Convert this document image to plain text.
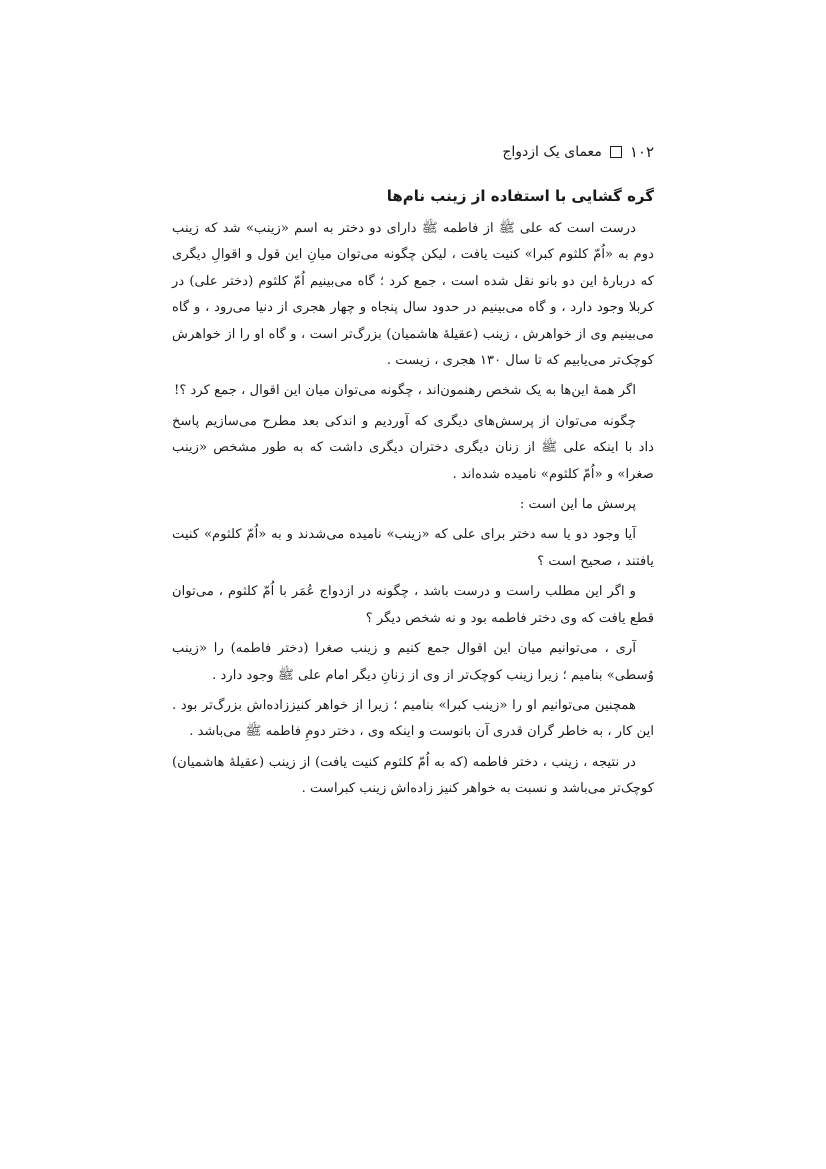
۱۰۲
معمای یک ازدواج
گره گشایی با استفاده از زینب نام‌ها

درست است که علی ﷺ از فاطمه ﷺ دارای دو دختر به اسم «زینب» شد که زینب دوم به «اُمّ کلثوم کبرا» کنیت یافت ، لیکن چگونه می‌توان میانِ این قول و اقوالِ دیگری که دربارهٔ این دو بانو نقل شده است ، جمع کرد ؛ گاه می‌بینیم اُمّ کلثوم (دختر علی) در کربلا وجود دارد ، و گاه می‌بینیم در حدود سال پنجاه و چهار هجری از دنیا می‌رود ، و گاه می‌بینیم وی از خواهرش ، زینب (عقیلهٔ هاشمیان) بزرگ‌تر است ، و گاه او را از خواهرش کوچک‌تر می‌یابیم که تا سال ۱۳۰ هجری ، زیست .

اگر همهٔ این‌ها به یک شخص رهنمون‌اند ، چگونه می‌توان میان این اقوال ، جمع کرد ؟!

چگونه می‌توان از پرسش‌های دیگری که آوردیم و اندکی بعد مطرح می‌سازیم پاسخ داد با اینکه علی ﷺ از زنان دیگری دختران دیگری داشت که به طور مشخص «زینب صغرا» و «اُمّ کلثوم» نامیده شده‌اند .

پرسش ما این است :

آیا وجود دو یا سه دختر برای علی که «زینب» نامیده می‌شدند و به «اُمّ کلثوم» کنیت یافتند ، صحیح است ؟

و اگر این مطلب راست و درست باشد ، چگونه در ازدواج عُمَر با اُمّ کلثوم ، می‌توان قطع یافت که وی دختر فاطمه بود و نه شخص دیگر ؟

آری ، می‌توانیم میان این اقوال جمع کنیم و زینب صغرا (دختر فاطمه) را «زینب وُسطی» بنامیم ؛ زیرا زینب کوچک‌تر از وی از زنانِ دیگر امام علی ﷺ وجود دارد .

همچنین می‌توانیم او را «زینب کبرا» بنامیم ؛ زیرا از خواهر کنیززاده‌اش بزرگ‌تر بود . این کار ، به خاطر گران قدری آن بانوست و اینکه وی ، دختر دومِ فاطمه ﷺ می‌باشد .

در نتیجه ، زینب ، دختر فاطمه (که به اُمّ کلثوم کنیت یافت) از زینب (عقیلهٔ هاشمیان) کوچک‌تر می‌باشد و نسبت به خواهر کنیز زاده‌اش زینب کبراست .
